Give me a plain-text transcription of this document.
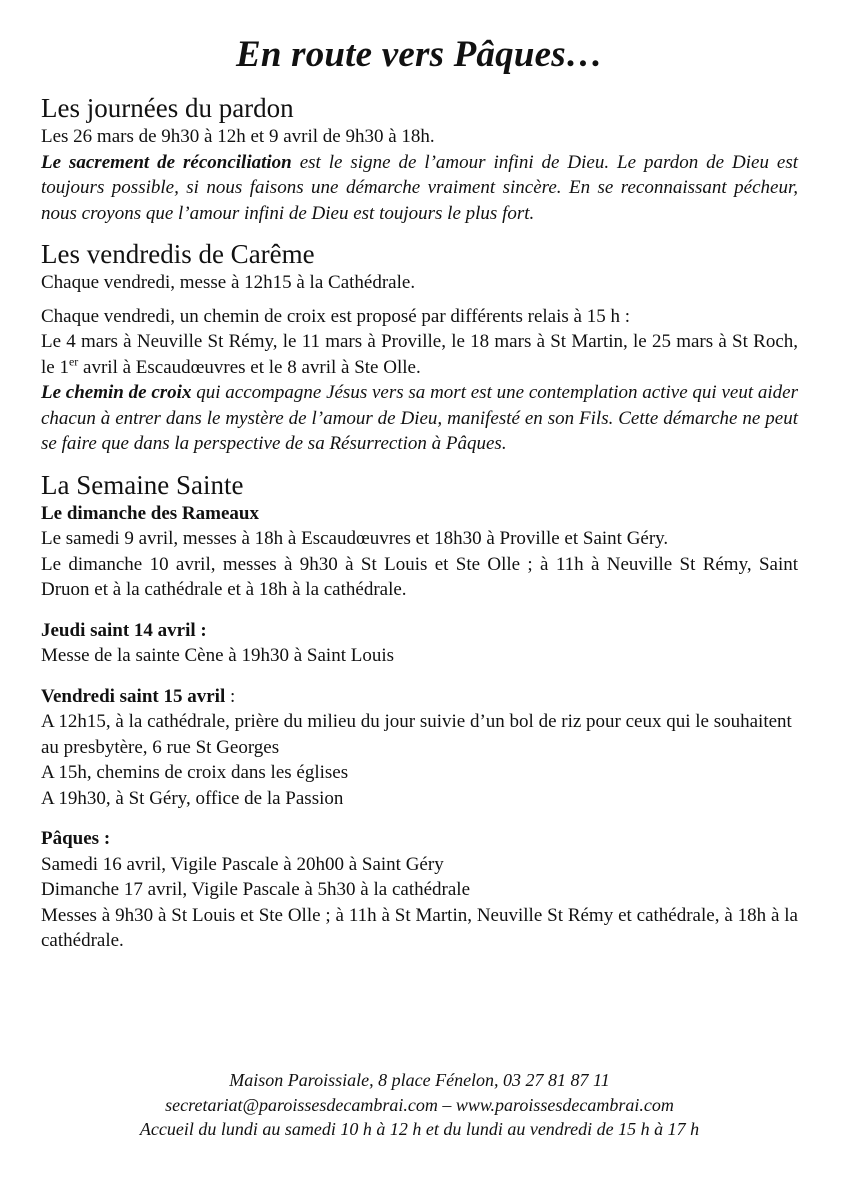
En route vers Pâques…
Les journées du pardon

Les 26 mars de 9h30 à 12h et 9 avril de 9h30 à 18h.

Le sacrement de réconciliation est le signe de l’amour infini de Dieu. Le pardon de Dieu est toujours possible, si nous faisons une démarche vraiment sincère. En se reconnaissant pécheur, nous croyons que l’amour infini de Dieu est toujours le plus fort.

Les vendredis de Carême

Chaque vendredi, messe à 12h15 à la Cathédrale.

Chaque vendredi, un chemin de croix est proposé par différents relais à 15 h :

Le 4 mars à Neuville St Rémy, le 11 mars à Proville, le 18 mars à St Martin, le 25 mars à St Roch, le 1er avril à Escaudœuvres et le 8 avril à Ste Olle.

Le chemin de croix qui accompagne Jésus vers sa mort est une contemplation active qui veut aider chacun à entrer dans le mystère de l’amour de Dieu, manifesté en son Fils. Cette démarche ne peut se faire que dans la perspective de sa Résurrection à Pâques.

La Semaine Sainte

Le dimanche des Rameaux

Le samedi 9 avril, messes à 18h à Escaudœuvres et 18h30 à Proville et Saint Géry.

Le dimanche 10 avril, messes à 9h30 à St Louis et Ste Olle ; à 11h à Neuville St Rémy, Saint Druon et à la cathédrale et à 18h à la cathédrale.

Jeudi saint 14 avril :

Messe de la sainte Cène à 19h30 à Saint Louis

Vendredi saint 15 avril :

A 12h15, à la cathédrale, prière du milieu du jour suivie d’un bol de riz pour ceux qui le souhaitent au presbytère, 6 rue St Georges

A 15h, chemins de croix dans les églises

A 19h30, à St Géry, office de la Passion

Pâques :

Samedi 16 avril, Vigile Pascale à 20h00 à Saint Géry

Dimanche 17 avril, Vigile Pascale à 5h30 à la cathédrale

Messes à 9h30 à St Louis et Ste Olle ; à 11h à St Martin, Neuville St Rémy et cathédrale, à 18h à la cathédrale.

Maison Paroissiale, 8 place Fénelon, 03 27 81 87 11
secretariat@paroissesdecambrai.com – www.paroissesdecambrai.com
Accueil du lundi au samedi 10 h à 12 h et du lundi au vendredi de 15 h à 17 h
